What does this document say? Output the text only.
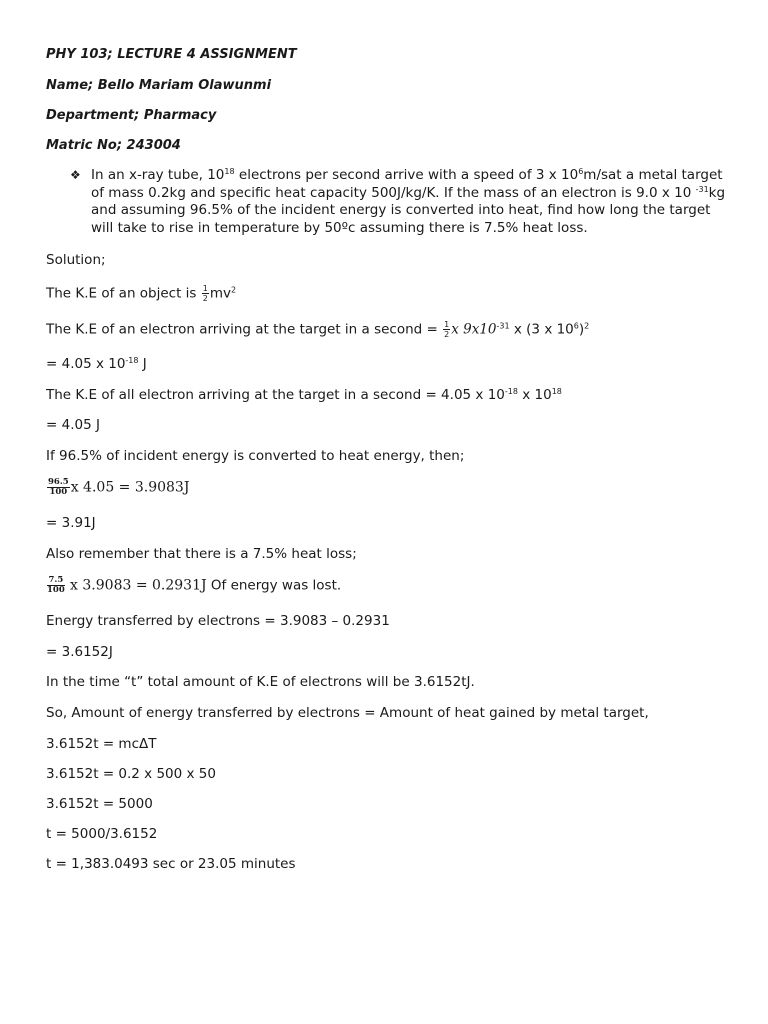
PHY 103; LECTURE 4 ASSIGNMENT
Name; Bello Mariam Olawunmi
Department; Pharmacy
Matric No; 243004
❖ In an x-ray tube, $10^{18}$ electrons per second arrive with a speed of 3 x $10^6m$/sat a metal target of mass 0.2kg and specific heat capacity 500J/kg/K. If the mass of an electron is 9.0 x 10 $^{-31}$kg and assuming 96.5% of the incident energy is converted into heat, find how long the target will take to rise in temperature by 50ºc assuming there is 7.5% heat loss.
Solution;
The K.E of an object is $\frac{1}{2} mv^2$
The K.E of an electron arriving at the target in a second = $\frac{1}{2}$ x $9x10^{-31}$ x (3 x $10^6)^2$
= 4.05 x $10^{-18}$ J
The K.E of all electron arriving at the target in a second = 4.05 x $10^{-18}$ x $10^{18}$
= 4.05 J
If 96.5% of incident energy is converted to heat energy, then;
$\frac{96.5}{100}$ x 4.05 = 3.9083J
= 3.91J
Also remember that there is a 7.5% heat loss;
$\frac{7.5}{100}$ x 3.9083 = 0.2931J Of energy was lost.
Energy transferred by electrons = 3.9083 – 0.2931
= 3.6152J
In the time “t” total amount of K.E of electrons will be 3.6152tJ.
So, Amount of energy transferred by electrons = Amount of heat gained by metal target,
3.6152t = mcΔT
3.6152t = 0.2 x 500 x 50
3.6152t = 5000
t = 5000/3.6152
t = 1,383.0493 sec or 23.05 minutes
